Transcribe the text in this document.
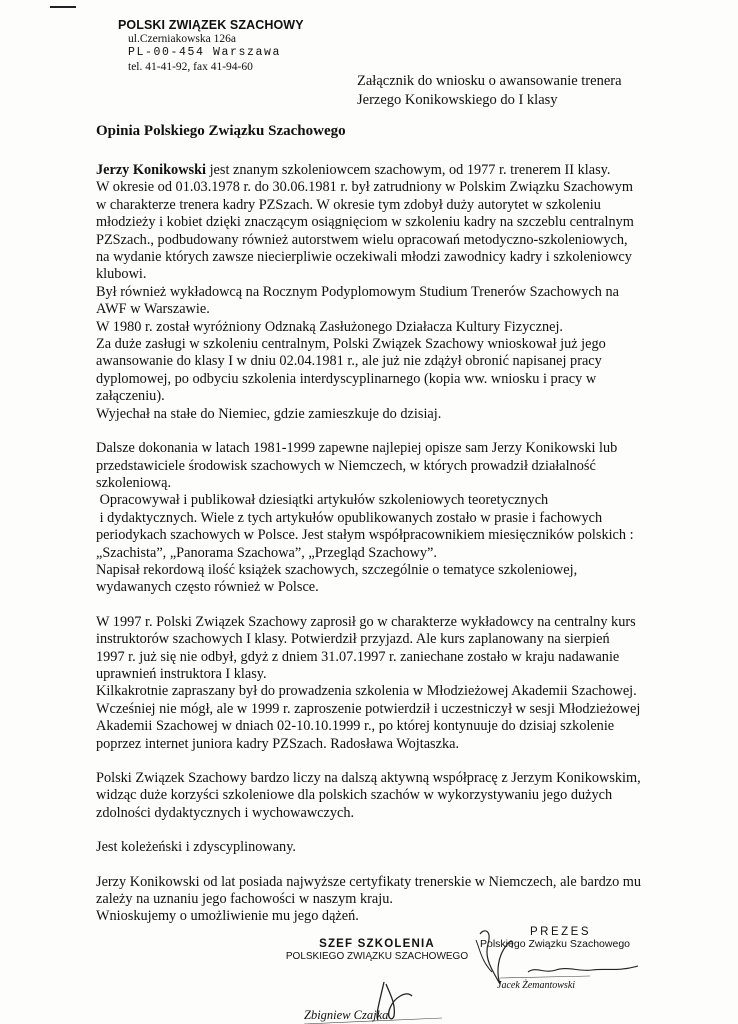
POLSKI ZWIĄZEK SZACHOWY
ul.Czerniakowska 126a
PL-00-454 Warszawa
tel. 41-41-92, fax 41-94-60
Załącznik do wniosku o awansowanie trenera
Jerzego Konikowskiego do I klasy
Opinia Polskiego Związku Szachowego

Jerzy Konikowski jest znanym szkoleniowcem szachowym, od 1977 r. trenerem II klasy.

W okresie od 01.03.1978 r. do 30.06.1981 r. był zatrudniony w Polskim Związku Szachowym

w charakterze trenera kadry PZSzach. W okresie tym zdobył duży autorytet w szkoleniu

młodzieży i kobiet dzięki znaczącym osiągnięciom w szkoleniu kadry na szczeblu centralnym

PZSzach., podbudowany również autorstwem wielu opracowań metodyczno-szkoleniowych,

na wydanie których zawsze niecierpliwie oczekiwali młodzi zawodnicy kadry i szkoleniowcy

klubowi.

Był również wykładowcą na Rocznym Podyplomowym Studium Trenerów Szachowych na

AWF w Warszawie.

W 1980 r. został wyróżniony Odznaką Zasłużonego Działacza Kultury Fizycznej.

Za duże zasługi w szkoleniu centralnym, Polski Związek Szachowy wnioskował już jego

awansowanie do klasy I w dniu 02.04.1981 r., ale już nie zdążył obronić napisanej pracy

dyplomowej, po odbyciu szkolenia interdyscyplinarnego (kopia ww. wniosku i pracy w

załączeniu).

Wyjechał na stałe do Niemiec, gdzie zamieszkuje do dzisiaj.

Dalsze dokonania w latach 1981-1999 zapewne najlepiej opisze sam Jerzy Konikowski lub

przedstawiciele środowisk szachowych w Niemczech, w których prowadził działalność

szkoleniową.

Opracowywał i publikował dziesiątki artykułów szkoleniowych teoretycznych

i dydaktycznych. Wiele z tych artykułów opublikowanych zostało w prasie i fachowych

periodykach szachowych w Polsce. Jest stałym współpracownikiem miesięczników polskich :

„Szachista”, „Panorama Szachowa”, „Przegląd Szachowy”.

Napisał rekordową ilość książek szachowych, szczególnie o tematyce szkoleniowej,

wydawanych często również w Polsce.

W 1997 r. Polski Związek Szachowy zaprosił go w charakterze wykładowcy na centralny kurs

instruktorów szachowych I klasy. Potwierdził przyjazd. Ale kurs zaplanowany na sierpień

1997 r. już się nie odbył, gdyż z dniem 31.07.1997 r. zaniechane zostało w kraju nadawanie

uprawnień instruktora I klasy.

Kilkakrotnie zapraszany był do prowadzenia szkolenia w Młodzieżowej Akademii Szachowej.

Wcześniej nie mógł, ale w 1999 r. zaproszenie potwierdził i uczestniczył w sesji Młodzieżowej

Akademii Szachowej w dniach 02-10.10.1999 r., po której kontynuuje do dzisiaj szkolenie

poprzez internet juniora kadry PZSzach. Radosława Wojtaszka.

Polski Związek Szachowy bardzo liczy na dalszą aktywną współpracę z Jerzym Konikowskim,

widząc duże korzyści szkoleniowe dla polskich szachów w wykorzystywaniu jego dużych

zdolności dydaktycznych i wychowawczych.

Jest koleżeński i zdyscyplinowany.

Jerzy Konikowski od lat posiada najwyższe certyfikaty trenerskie w Niemczech, ale bardzo mu

zależy na uznaniu jego fachowości w naszym kraju.

Wnioskujemy o umożliwienie mu jego dążeń.

SZEF SZKOLENIA
POLSKIEGO ZWIĄZKU SZACHOWEGO
Zbigniew Czajka
PREZES
Polskiego Związku Szachowego
Jacek Żemantowski
